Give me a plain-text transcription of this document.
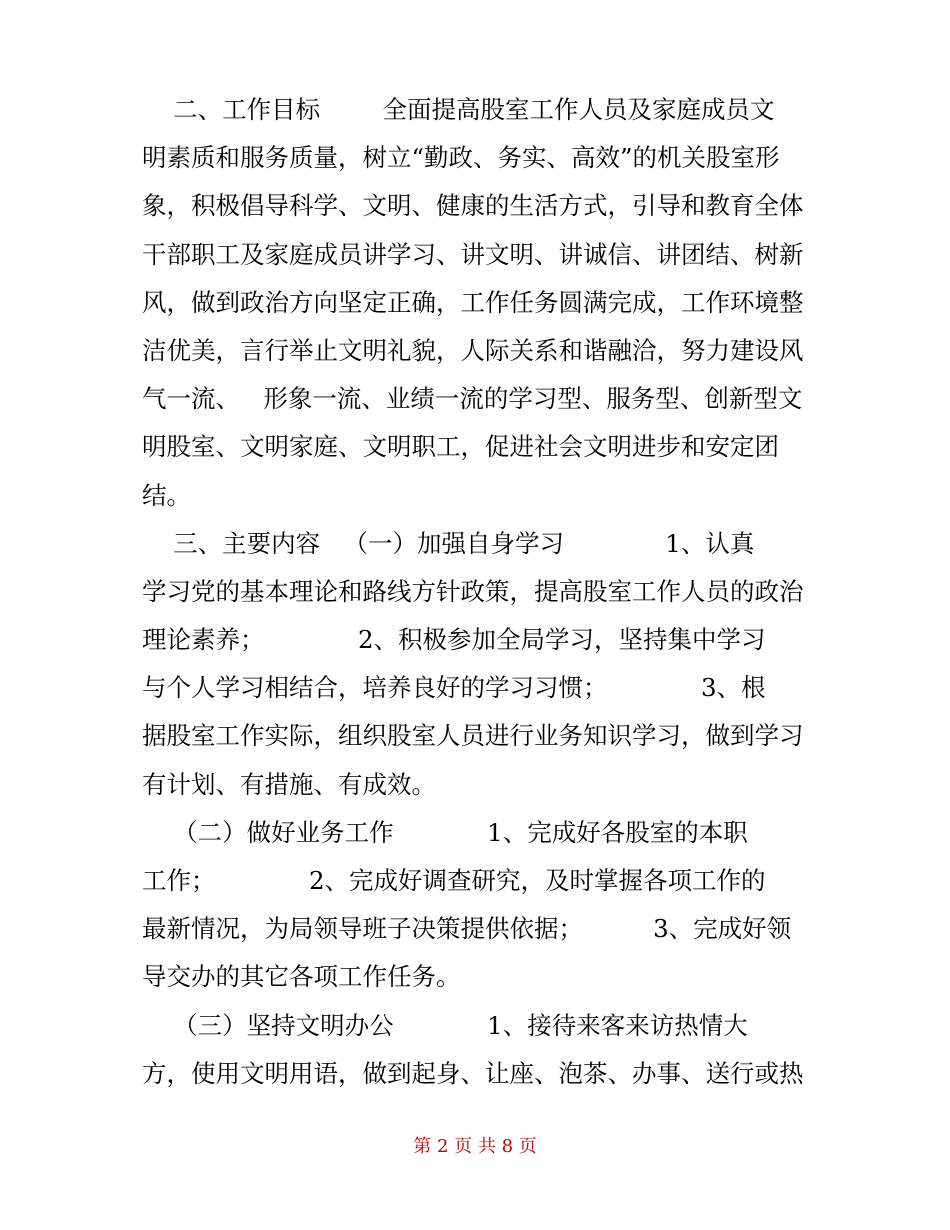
二、工作目标        全面提高股室工作人员及家庭成员文
明素质和服务质量，树立“勤政、务实、高效”的机关股室形
象，积极倡导科学、文明、健康的生活方式，引导和教育全体
干部职工及家庭成员讲学习、讲文明、讲诚信、讲团结、树新
风，做到政治方向坚定正确，工作任务圆满完成，工作环境整
洁优美，言行举止文明礼貌，人际关系和谐融洽，努力建设风
气一流、   形象一流、业绩一流的学习型、服务型、创新型文
明股室、文明家庭、文明职工，促进社会文明进步和安定团
结。
三、主要内容   （一）加强自身学习             1、认真
学习党的基本理论和路线方针政策，提高股室工作人员的政治
理论素养；            2、积极参加全局学习，坚持集中学习
与个人学习相结合，培养良好的学习习惯；            3、根
据股室工作实际，组织股室人员进行业务知识学习，做到学习
有计划、有措施、有成效。
（二）做好业务工作            1、完成好各股室的本职
工作；            2、完成好调查研究，及时掌握各项工作的
最新情况，为局领导班子决策提供依据；         3、完成好领
导交办的其它各项工作任务。
（三）坚持文明办公            1、接待来客来访热情大
方，使用文明用语，做到起身、让座、泡茶、办事、送行或热
第 2 页 共 8 页
